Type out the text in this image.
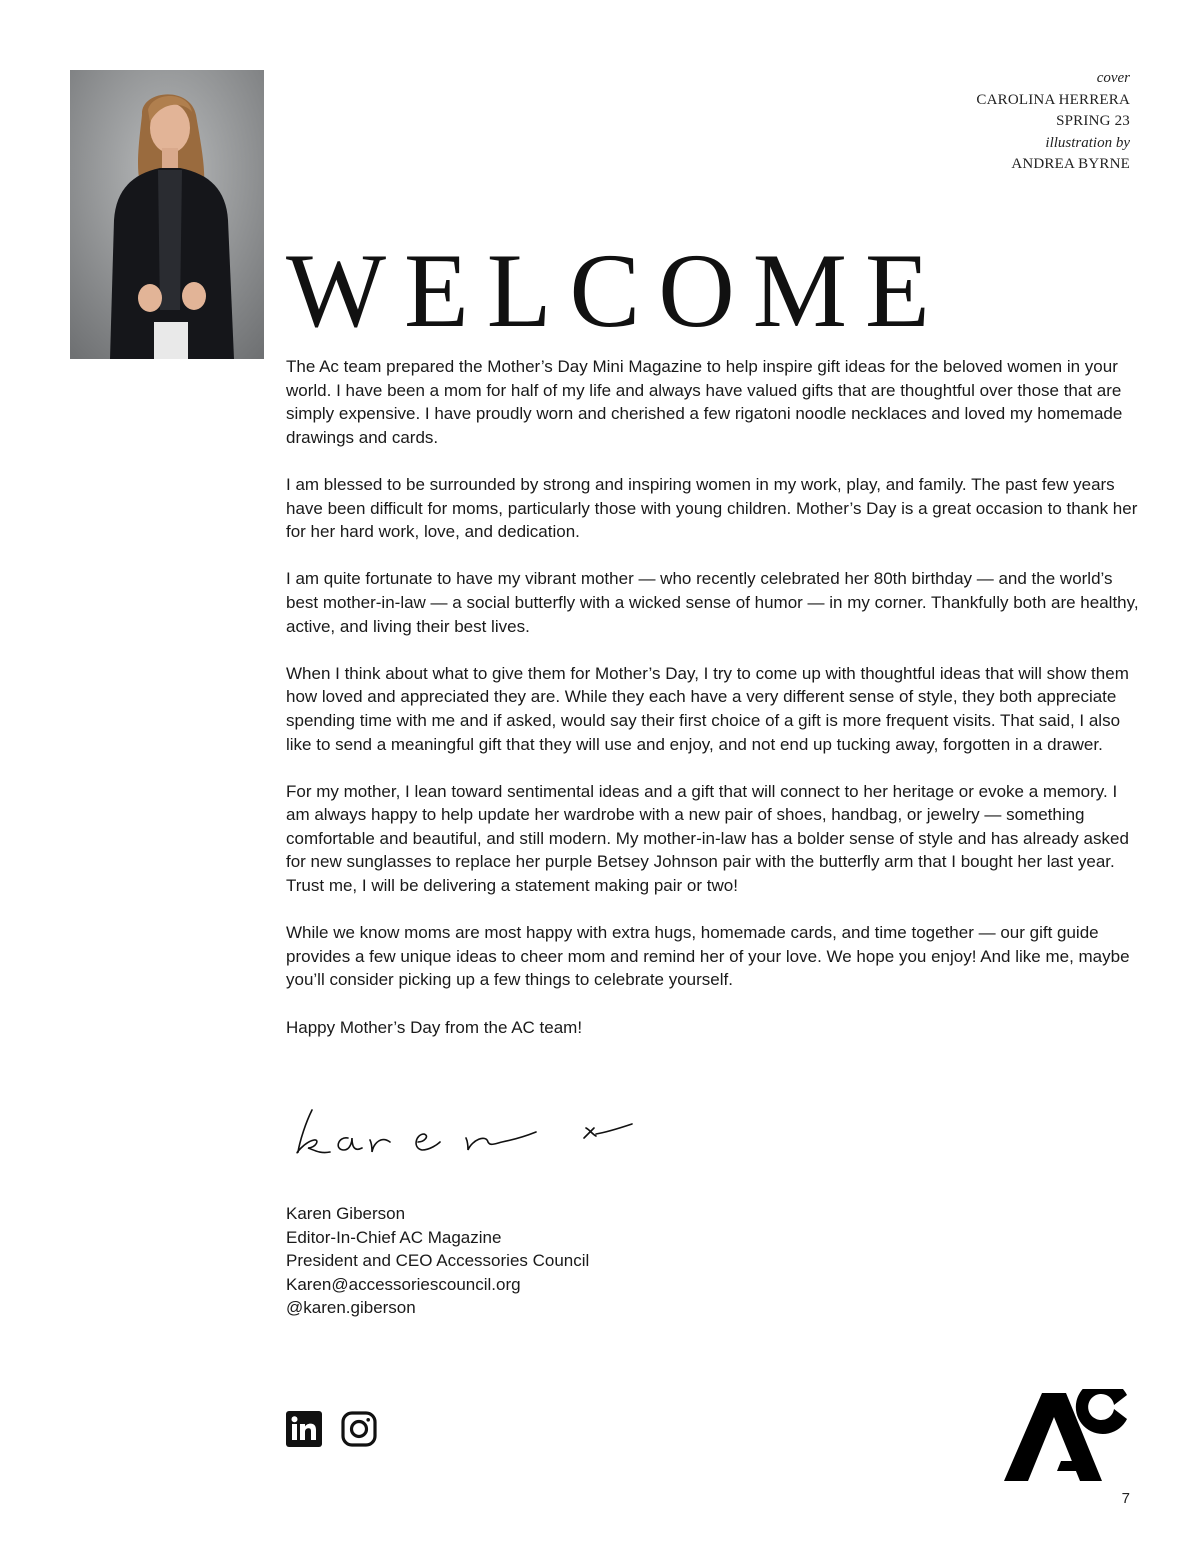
cover
CAROLINA HERRERA
SPRING 23
illustration by
ANDREA BYRNE
WELCOME

The Ac team prepared the Mother’s Day Mini Magazine to help inspire gift ideas for the beloved women in your world. I have been a mom for half of my life and always have valued gifts that are thoughtful over those that are simply expensive. I have proudly worn and cherished a few rigatoni noodle necklaces and loved my homemade drawings and cards.

I am blessed to be surrounded by strong and inspiring women in my work, play, and family. The past few years have been difficult for moms, particularly those with young children. Mother’s Day is a great occasion to thank her for her hard work, love, and dedication.

I am quite fortunate to have my vibrant mother — who recently celebrated her 80th birthday — and the world’s best mother-in-law — a social butterfly with a wicked sense of humor — in my corner. Thankfully both are healthy, active, and living their best lives.

When I think about what to give them for Mother’s Day, I try to come up with thoughtful ideas that will show them how loved and appreciated they are. While they each have a very different sense of style, they both appreciate spending time with me and if asked, would say their first choice of a gift is more frequent visits. That said, I also like to send a meaningful gift that they will use and enjoy, and not end up tucking away, forgotten in a drawer.

For my mother, I lean toward sentimental ideas and a gift that will connect to her heritage or evoke a memory. I am always happy to help update her wardrobe with a new pair of shoes, handbag, or jewelry — something comfortable and beautiful, and still modern. My mother-in-law has a bolder sense of style and has already asked for new sunglasses to replace her purple Betsey Johnson pair with the butterfly arm that I bought her last year. Trust me, I will be delivering a statement making pair or two!

While we know moms are most happy with extra hugs, homemade cards, and time together — our gift guide provides a few unique ideas to cheer mom and remind her of your love. We hope you enjoy! And like me, maybe you’ll consider picking up a few things to celebrate yourself.

Happy Mother’s Day from the AC team!

Karen Giberson
Editor-In-Chief AC Magazine
President and CEO Accessories Council
Karen@accessoriescouncil.org
@karen.giberson
7
